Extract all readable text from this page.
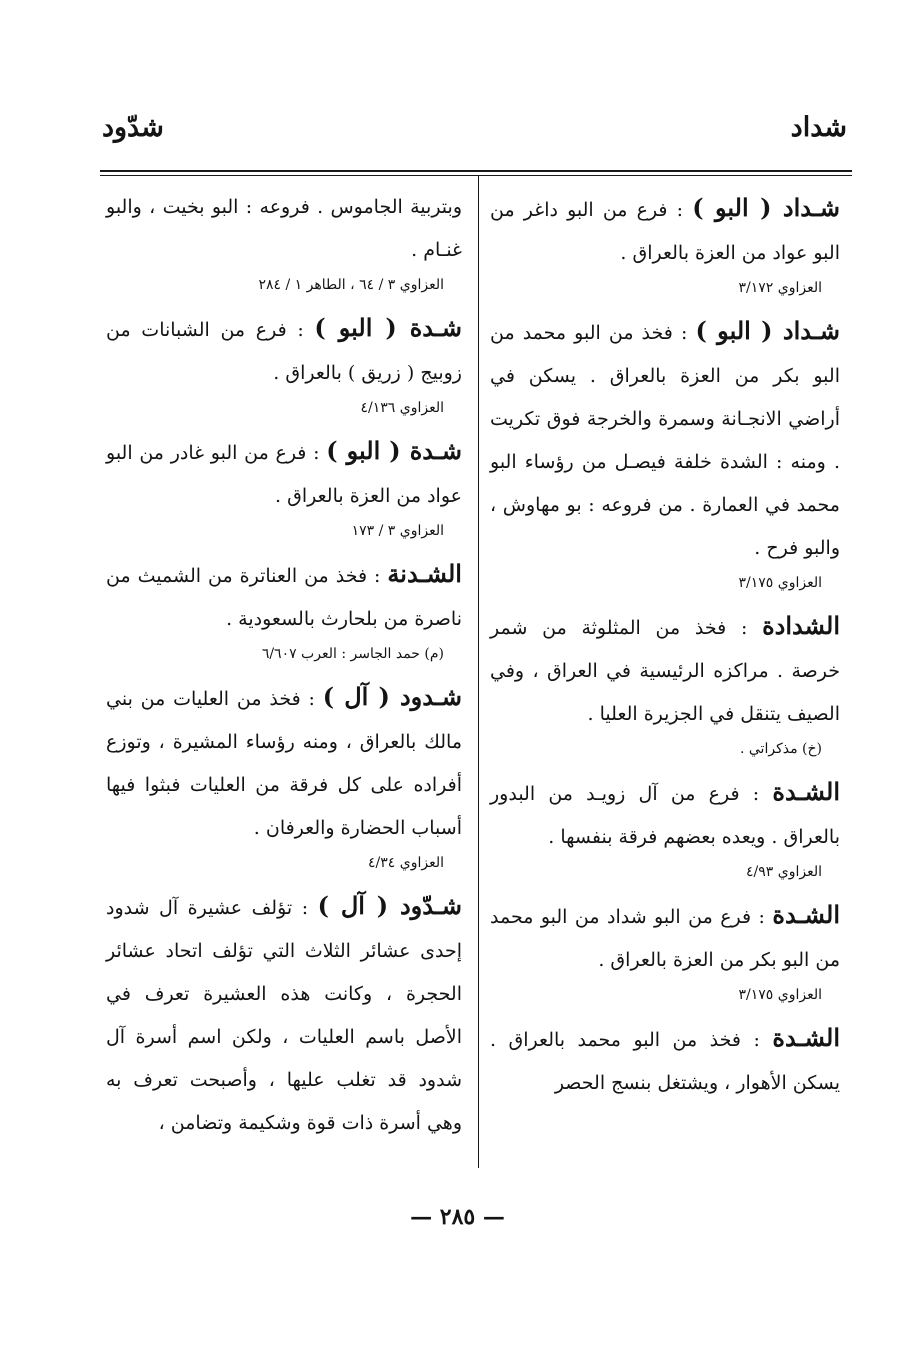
شداد
شدّود

شـداد ( البو ) : فرع من البو داغر من البو عواد من العزة بالعراق .

العزاوي ٣/١٧٢

شـداد ( البو ) : فخذ من البو محمد من البو بكر من العزة بالعراق . يسكن في أراضي الانجـانة وسمرة والخرجة فوق تكريت . ومنه : الشدة خلفة فيصـل من رؤساء البو محمد في العمارة . من فروعه : بو مهاوش ، والبو فرح .

العزاوي ٣/١٧٥

الشدادة : فخذ من المثلوثة من شمر خرصة . مراكزه الرئيسية في العراق ، وفي الصيف يتنقل في الجزيرة العليا .

(خ) مذكراتي .

الشـدة : فرع من آل زويـد من البدور بالعراق . ويعده بعضهم فرقة بنفسها .

العزاوي ٤/٩٣

الشـدة : فرع من البو شداد من البو محمد من البو بكر من العزة بالعراق .

العزاوي ٣/١٧٥

الشـدة : فخذ من البو محمد بالعراق . يسكن الأهوار ، ويشتغل بنسج الحصر

وبتربية الجاموس . فروعه : البو بخيت ، والبو غنـام .

العزاوي ٣ / ٦٤ ، الطاهر ١ / ٢٨٤

شـدة ( البو ) : فرع من الشبانات من زوبيج ( زريق ) بالعراق .

العزاوي ٤/١٣٦

شـدة ( البو ) : فرع من البو غادر من البو عواد من العزة بالعراق .

العزاوي ٣ / ١٧٣

الشـدنة : فخذ من العناترة من الشميث من ناصرة من بلحارث بالسعودية .

(م) حمد الجاسر : العرب ٦/٦٠٧

شـدود ( آل ) : فخذ من العليات من بني مالك بالعراق ، ومنه رؤساء المشيرة ، وتوزع أفراده على كل فرقة من العليات فبثوا فيها أسباب الحضارة والعرفان .

العزاوي ٤/٣٤

شـدّود ( آل ) : تؤلف عشيرة آل شدود إحدى عشائر الثلاث التي تؤلف اتحاد عشائر الحجرة ، وكانت هذه العشيرة تعرف في الأصل باسم العليات ، ولكن اسم أسرة آل شدود قد تغلب عليها ، وأصبحت تعرف به وهي أسرة ذات قوة وشكيمة وتضامن ،

— ٢٨٥ —
